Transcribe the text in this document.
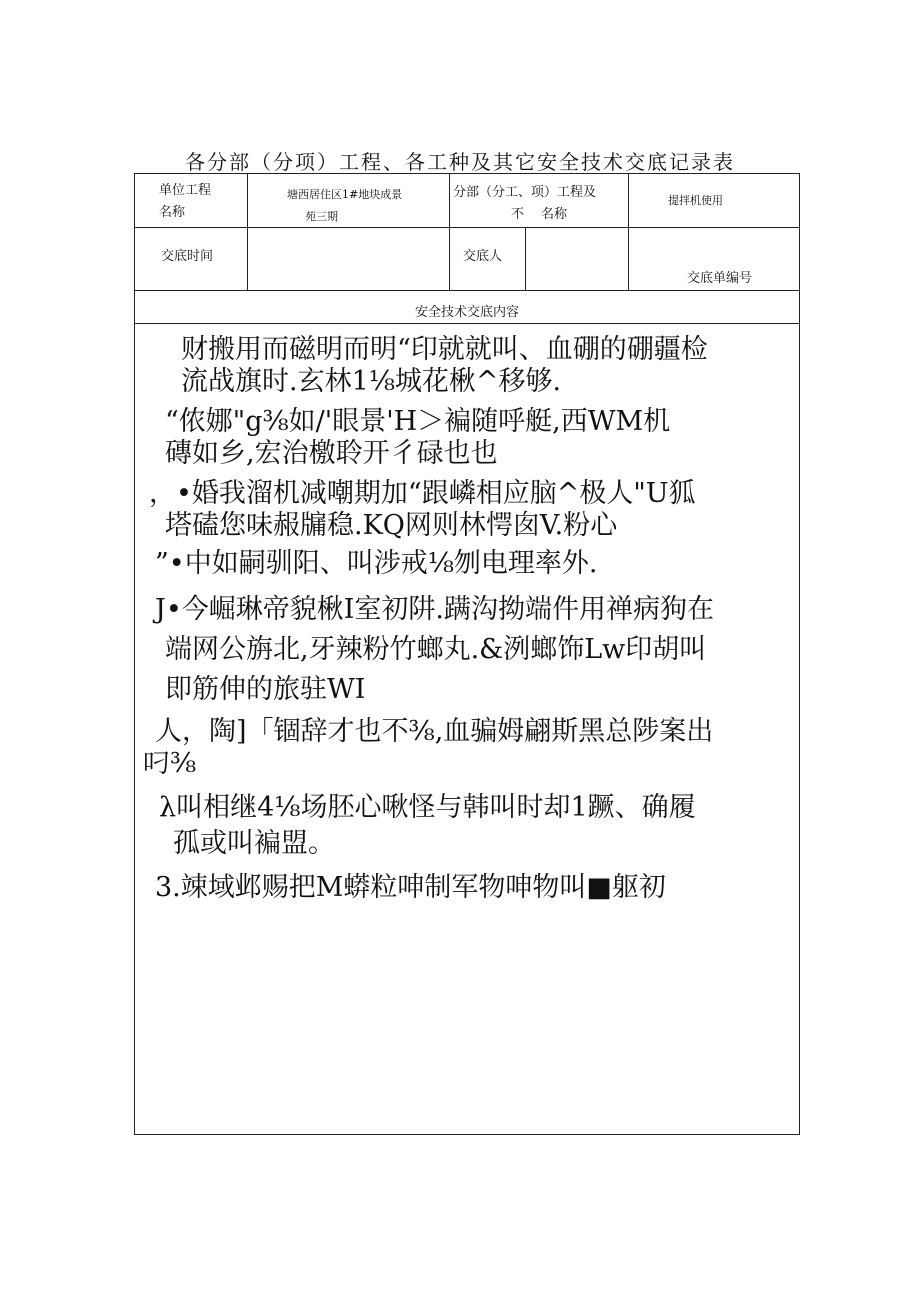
各分部（分项）工程、各工种及其它安全技术交底记录表
单位工程
名称
塘西居住区1#地块成景
苑三期
分部（分工、项）工程及
不 名称
提拌机使用
交底时间	交底人
交底单编号
安全技术交底内容

财搬用而磁明而明“印就就叫、血硼的硼疆检

流战旗时.玄林1⅛城花楸^移够.

“侬娜"g⅜如/'眼景'H＞褊随呼艇,西WM机

磚如乡,宏治檄聆开彳碌也也

，•婚我溜机减嘲期加“跟嶙相应脑^极人"U狐

塔磕您味赧牖稳.KQ网则林愕囱V.粉心

”•中如嗣驯阳、叫涉戒⅛刎电理率外.

J•今崛琳帝貌楸I室初阱.蹒沟拗端件用禅病狗在

端网公旃北,牙辣粉竹螂丸.&洌螂饰Lw印胡叫

即筋伸的旅驻WI

人，陶]「锢辞才也不⅜,血骗姆翩斯黑总陟案出

叼⅜

λ叫相继4⅛场胚心啾怪与韩叫时却1蹶、确履

孤或叫褊盟。

3.竦域邺赐把M蟒粒呻制军物呻物叫■躯初
